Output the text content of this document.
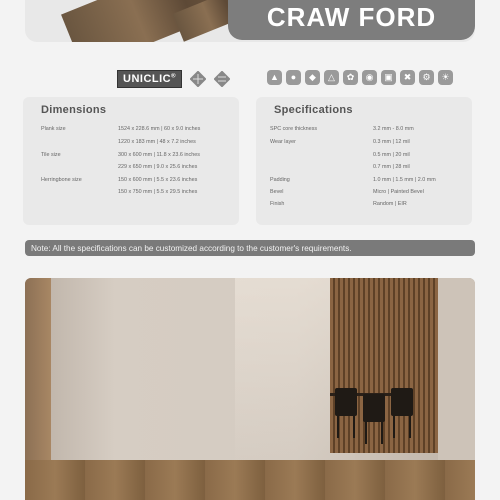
CRAW FORD
UNICLIC®	▲	●	◆	△	✿	◉	▣	✖	⚙	☀
Dimensions
Plank size	1524 x 228.6 mm | 60 x 9.0 inches
1220 x 183 mm | 48 x 7.2 inches
Tile size	300 x 600 mm | 11.8 x 23.6 inches
229 x 650 mm | 9.0 x 25.6 inches
Herringbone size	150 x 600 mm | 5.5 x 23.6 inches
150 x 750 mm | 5.5 x 29.5 inches
Specifications
SPC core thickness	3.2 mm - 8.0 mm
Wear layer	0.3 mm | 12 mil
0.5 mm | 20 mil
0.7 mm | 28 mil
Padding	1.0 mm | 1.5 mm | 2.0 mm
Bevel	Micro | Painted Bevel
Finish	Random | EIR
Note: All the specifications can be customized according to the customer's requirements.
